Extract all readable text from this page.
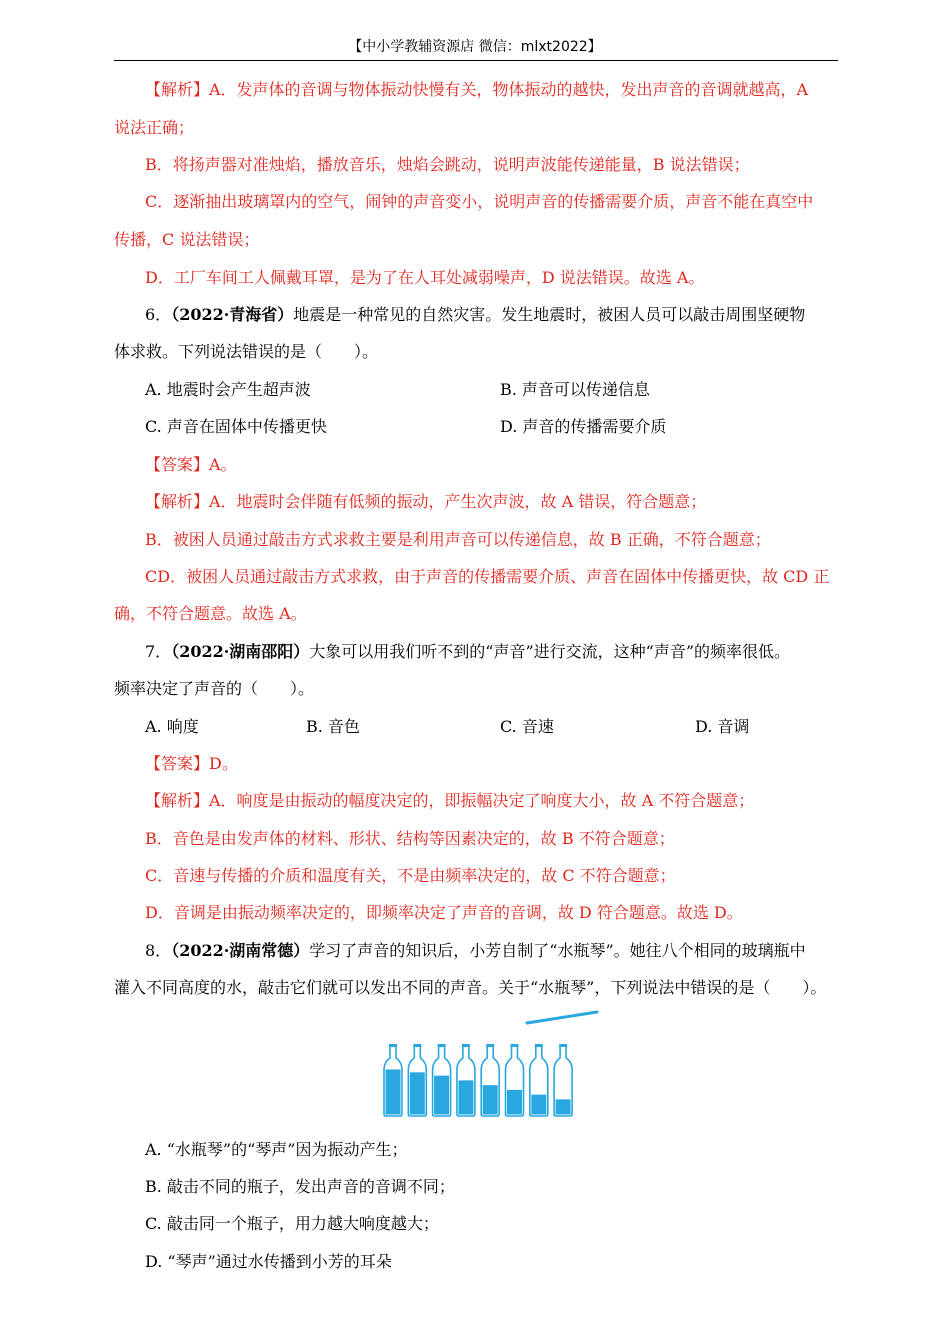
【中小学教辅资源店 微信：mlxt2022】
【解析】A．发声体的音调与物体振动快慢有关，物体振动的越快，发出声音的音调就越高，A
说法正确；
B．将扬声器对准烛焰，播放音乐，烛焰会跳动，说明声波能传递能量，B 说法错误；
C．逐渐抽出玻璃罩内的空气，闹钟的声音变小，说明声音的传播需要介质，声音不能在真空中
传播，C 说法错误；
D．工厂车间工人佩戴耳罩，是为了在人耳处减弱噪声，D 说法错误。故选 A。
6．（2022·青海省）地震是一种常见的自然灾害。发生地震时，被困人员可以敲击周围坚硬物
体求救。下列说法错误的是（　　）。
A. 地震时会产生超声波	B. 声音可以传递信息
C. 声音在固体中传播更快	D. 声音的传播需要介质
【答案】A。
【解析】A．地震时会伴随有低频的振动，产生次声波，故 A 错误，符合题意；
B．被困人员通过敲击方式求救主要是利用声音可以传递信息，故 B 正确，不符合题意；
CD．被困人员通过敲击方式求救，由于声音的传播需要介质、声音在固体中传播更快，故 CD 正
确，不符合题意。故选 A。
7．（2022·湖南邵阳）大象可以用我们听不到的“声音”进行交流，这种“声音”的频率很低。
频率决定了声音的（　　）。
A. 响度	B. 音色	C. 音速	D. 音调
【答案】D。
【解析】A．响度是由振动的幅度决定的，即振幅决定了响度大小，故 A 不符合题意；
B．音色是由发声体的材料、形状、结构等因素决定的，故 B 不符合题意；
C．音速与传播的介质和温度有关，不是由频率决定的，故 C 不符合题意；
D．音调是由振动频率决定的，即频率决定了声音的音调，故 D 符合题意。故选 D。
8．（2022·湖南常德）学习了声音的知识后，小芳自制了“水瓶琴”。她往八个相同的玻璃瓶中
灌入不同高度的水，敲击它们就可以发出不同的声音。关于“水瓶琴”，下列说法中错误的是（　　）。
A. “水瓶琴”的“琴声”因为振动产生；
B. 敲击不同的瓶子，发出声音的音调不同；
C. 敲击同一个瓶子，用力越大响度越大；
D. “琴声”通过水传播到小芳的耳朵
